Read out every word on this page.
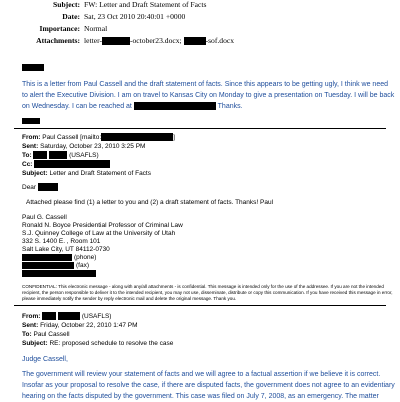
Subject: FW: Letter and Draft Statement of Facts
Date: Sat, 23 Oct 2010 20:40:01 +0000
Importance: Normal
Attachments: letter-	-october23.docx;	-sof.docx
This is a letter from Paul Cassell and the draft statement of facts. Since this appears to be getting ugly, I think we need
to alert the Executive Division. I am on travel to Kansas City on Monday to give a presentation on Tuesday. I will be back
on Wednesday. I can be reached at	Thanks.
From: Paul Cassell [mailto:	]
Sent: Saturday, October 23, 2010 3:25 PM
To:	(USAFLS)
Cc:
Subject: Letter and Draft Statement of Facts
Dear
Attached please find (1) a letter to you and (2) a draft statement of facts. Thanks! Paul
Paul G. Cassell
Ronald N. Boyce Presidential Professor of Criminal Law
S.J. Quinney College of Law at the University of Utah
332 S. 1400 E. , Room 101
Salt Lake City, UT 84112-0730
(phone)
(fax)
CONFIDENTIAL: This electronic message - along with any/all attachments - is confidential. This message is intended only for the use of the addressee. If you are not the intended recipient, the person responsible to deliver it to the intended recipient, you may not use, disseminate, distribute or copy this communication. If you have received this message in error, please immediately notify the sender by reply electronic mail and delete the original message. Thank you.
From:	(USAFLS)
Sent: Friday, October 22, 2010 1:47 PM
To: Paul Cassell
Subject: RE: proposed schedule to resolve the case
Judge Cassell,
The government will review your statement of facts and we will agree to a factual assertion if we believe it is correct.
Insofar as your proposal to resolve the case, if there are disputed facts, the government does not agree to an evidentiary
hearing on the facts disputed by the government. This case was filed on July 7, 2008, as an emergency. The matter
